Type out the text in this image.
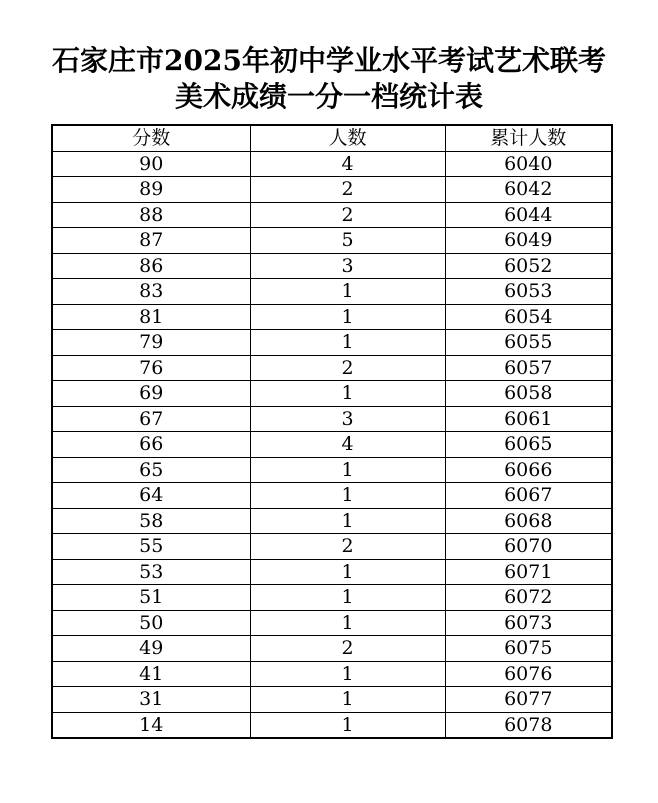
石家庄市2025年初中学业水平考试艺术联考
美术成绩一分一档统计表
分数	人数	累计人数
90	4	6040
89	2	6042
88	2	6044
87	5	6049
86	3	6052
83	1	6053
81	1	6054
79	1	6055
76	2	6057
69	1	6058
67	3	6061
66	4	6065
65	1	6066
64	1	6067
58	1	6068
55	2	6070
53	1	6071
51	1	6072
50	1	6073
49	2	6075
41	1	6076
31	1	6077
14	1	6078
